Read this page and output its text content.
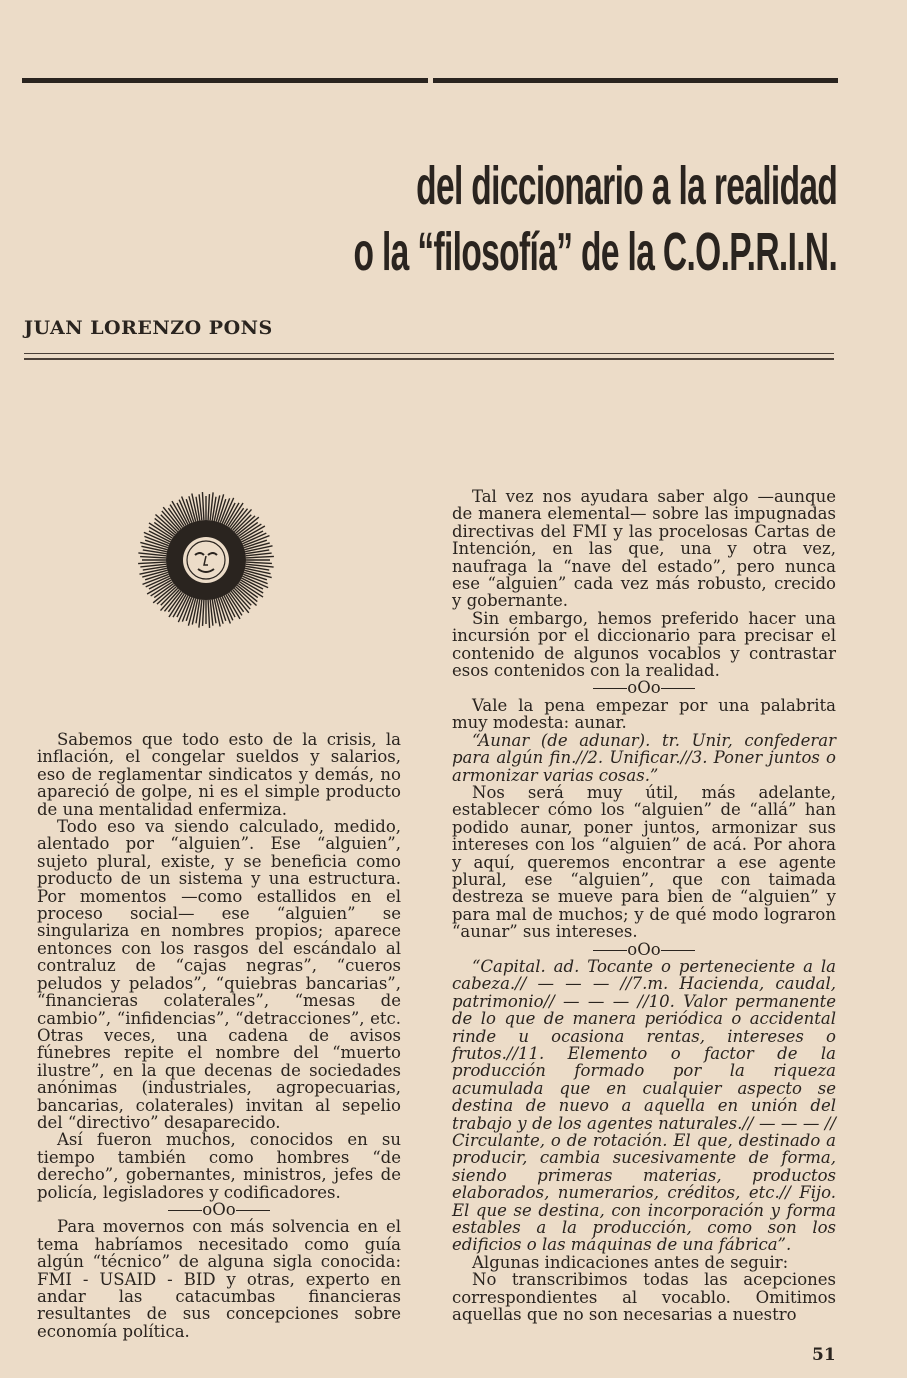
del diccionario a la realidad
o la “filosofía” de la C.O.P.R.I.N.
JUAN LORENZO PONS

Sabemos que todo esto de la crisis, la inflación, el congelar sueldos y salarios, eso de reglamentar sindicatos y demás, no apareció de golpe, ni es el simple producto de una mentalidad enfermiza.

Todo eso va siendo calculado, medido, alentado por “alguien”. Ese “alguien”, sujeto plural, existe, y se beneficia como producto de un sistema y una estructura. Por momentos —como estallidos en el proceso social— ese “alguien” se singulariza en nombres propios; aparece entonces con los rasgos del escándalo al contraluz de “cajas negras”, “cueros peludos y pelados”, “quiebras bancarias”, “financieras colaterales”, “mesas de cambio”, “infidencias”, “detracciones”, etc. Otras veces, una cadena de avisos fúnebres repite el nombre del “muerto ilustre”, en la que decenas de sociedades anónimas (industriales, agropecuarias, bancarias, colaterales) invitan al sepelio del “directivo” desaparecido.

Así fueron muchos, conocidos en su tiempo también como hombres “de derecho”, gobernantes, ministros, jefes de policía, legisladores y codificadores.

oOo

Para movernos con más solvencia en el tema habríamos necesitado como guía algún “técnico” de alguna sigla conocida: FMI - USAID - BID y otras, experto en andar las catacumbas financieras resultantes de sus concepciones sobre economía política.

Tal vez nos ayudara saber algo —aunque de manera elemental— sobre las impugnadas directivas del FMI y las procelosas Cartas de Intención, en las que, una y otra vez, naufraga la “nave del estado”, pero nunca ese “alguien” cada vez más robusto, crecido y gobernante.

Sin embargo, hemos preferido hacer una incursión por el diccionario para precisar el contenido de algunos vocablos y contrastar esos contenidos con la realidad.

oOo

Vale la pena empezar por una palabrita muy modesta: aunar.

“Aunar (de adunar). tr. Unir, confederar para algún fin.//2. Unificar.//3. Poner juntos o armonizar varias cosas.”

Nos será muy útil, más adelante, establecer cómo los “alguien” de “allá” han podido aunar, poner juntos, armonizar sus intereses con los “alguien” de acá. Por ahora y aquí, queremos encontrar a ese agente plural, ese “alguien”, que con taimada destreza se mueve para bien de “alguien” y para mal de muchos; y de qué modo lograron “aunar” sus intereses.

oOo

“Capital. ad. Tocante o perteneciente a la cabeza.// — — — //7.m. Hacienda, caudal, patrimonio// — — — //10. Valor permanente de lo que de manera periódica o accidental rinde u ocasiona rentas, intereses o frutos.//11. Elemento o factor de la producción formado por la riqueza acumulada que en cualquier aspecto se destina de nuevo a aquella en unión del trabajo y de los agentes naturales.// — — — // Circulante, o de rotación. El que, destinado a producir, cambia sucesivamente de forma, siendo primeras materias, productos elaborados, numerarios, créditos, etc.// Fijo. El que se destina, con incorporación y forma estables a la producción, como son los edificios o las máquinas de una fábrica”.

Algunas indicaciones antes de seguir:

No transcribimos todas las acepciones correspondientes al vocablo. Omitimos aquellas que no son necesarias a nuestro

51
